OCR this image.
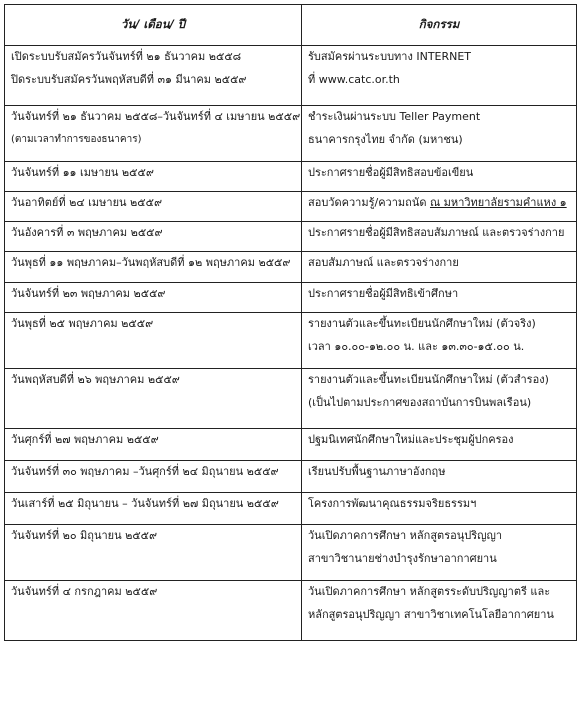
วัน/ เดือน/ ปี	กิจกรรม

เปิดระบบรับสมัครวันจันทร์ที่ ๒๑ ธันวาคม ๒๕๕๘
ปิดระบบรับสมัครวันพฤหัสบดีที่ ๓๑ มีนาคม ๒๕๕๙	รับสมัครผ่านระบบทาง INTERNET
ที่ www.catc.or.th

วันจันทร์ที่ ๒๑ ธันวาคม ๒๕๕๘–วันจันทร์ที่ ๔ เมษายน ๒๕๕๙
(ตามเวลาทำการของธนาคาร)	ชำระเงินผ่านระบบ Teller Payment
ธนาคารกรุงไทย จำกัด (มหาชน)

วันจันทร์ที่ ๑๑ เมษายน ๒๕๕๙	ประกาศรายชื่อผู้มีสิทธิสอบข้อเขียน

วันอาทิตย์ที่ ๒๔ เมษายน ๒๕๕๙	สอบวัดความรู้/ความถนัด ณ มหาวิทยาลัยรามคำแหง ๑

วันอังคารที่ ๓ พฤษภาคม ๒๕๕๙	ประกาศรายชื่อผู้มีสิทธิสอบสัมภาษณ์ และตรวจร่างกาย

วันพุธที่ ๑๑ พฤษภาคม–วันพฤหัสบดีที่ ๑๒ พฤษภาคม ๒๕๕๙	สอบสัมภาษณ์ และตรวจร่างกาย

วันจันทร์ที่ ๒๓ พฤษภาคม ๒๕๕๙	ประกาศรายชื่อผู้มีสิทธิเข้าศึกษา

วันพุธที่ ๒๕ พฤษภาคม ๒๕๕๙	รายงานตัวและขึ้นทะเบียนนักศึกษาใหม่ (ตัวจริง)
เวลา ๑๐.๐๐-๑๒.๐๐ น. และ ๑๓.๓๐-๑๕.๐๐ น.

วันพฤหัสบดีที่ ๒๖ พฤษภาคม ๒๕๕๙	รายงานตัวและขึ้นทะเบียนนักศึกษาใหม่ (ตัวสำรอง)
(เป็นไปตามประกาศของสถาบันการบินพลเรือน)

วันศุกร์ที่ ๒๗ พฤษภาคม ๒๕๕๙	ปฐมนิเทศนักศึกษาใหม่และประชุมผู้ปกครอง

วันจันทร์ที่ ๓๐ พฤษภาคม –วันศุกร์ที่ ๒๔ มิถุนายน ๒๕๕๙	เรียนปรับพื้นฐานภาษาอังกฤษ

วันเสาร์ที่ ๒๕ มิถุนายน – วันจันทร์ที่ ๒๗ มิถุนายน ๒๕๕๙	โครงการพัฒนาคุณธรรมจริยธรรมฯ

วันจันทร์ที่ ๒๐ มิถุนายน ๒๕๕๙	วันเปิดภาคการศึกษา หลักสูตรอนุปริญญา
สาขาวิชานายช่างบำรุงรักษาอากาศยาน

วันจันทร์ที่ ๔ กรกฎาคม ๒๕๕๙	วันเปิดภาคการศึกษา หลักสูตรระดับปริญญาตรี และ
หลักสูตรอนุปริญญา สาขาวิชาเทคโนโลยีอากาศยาน
